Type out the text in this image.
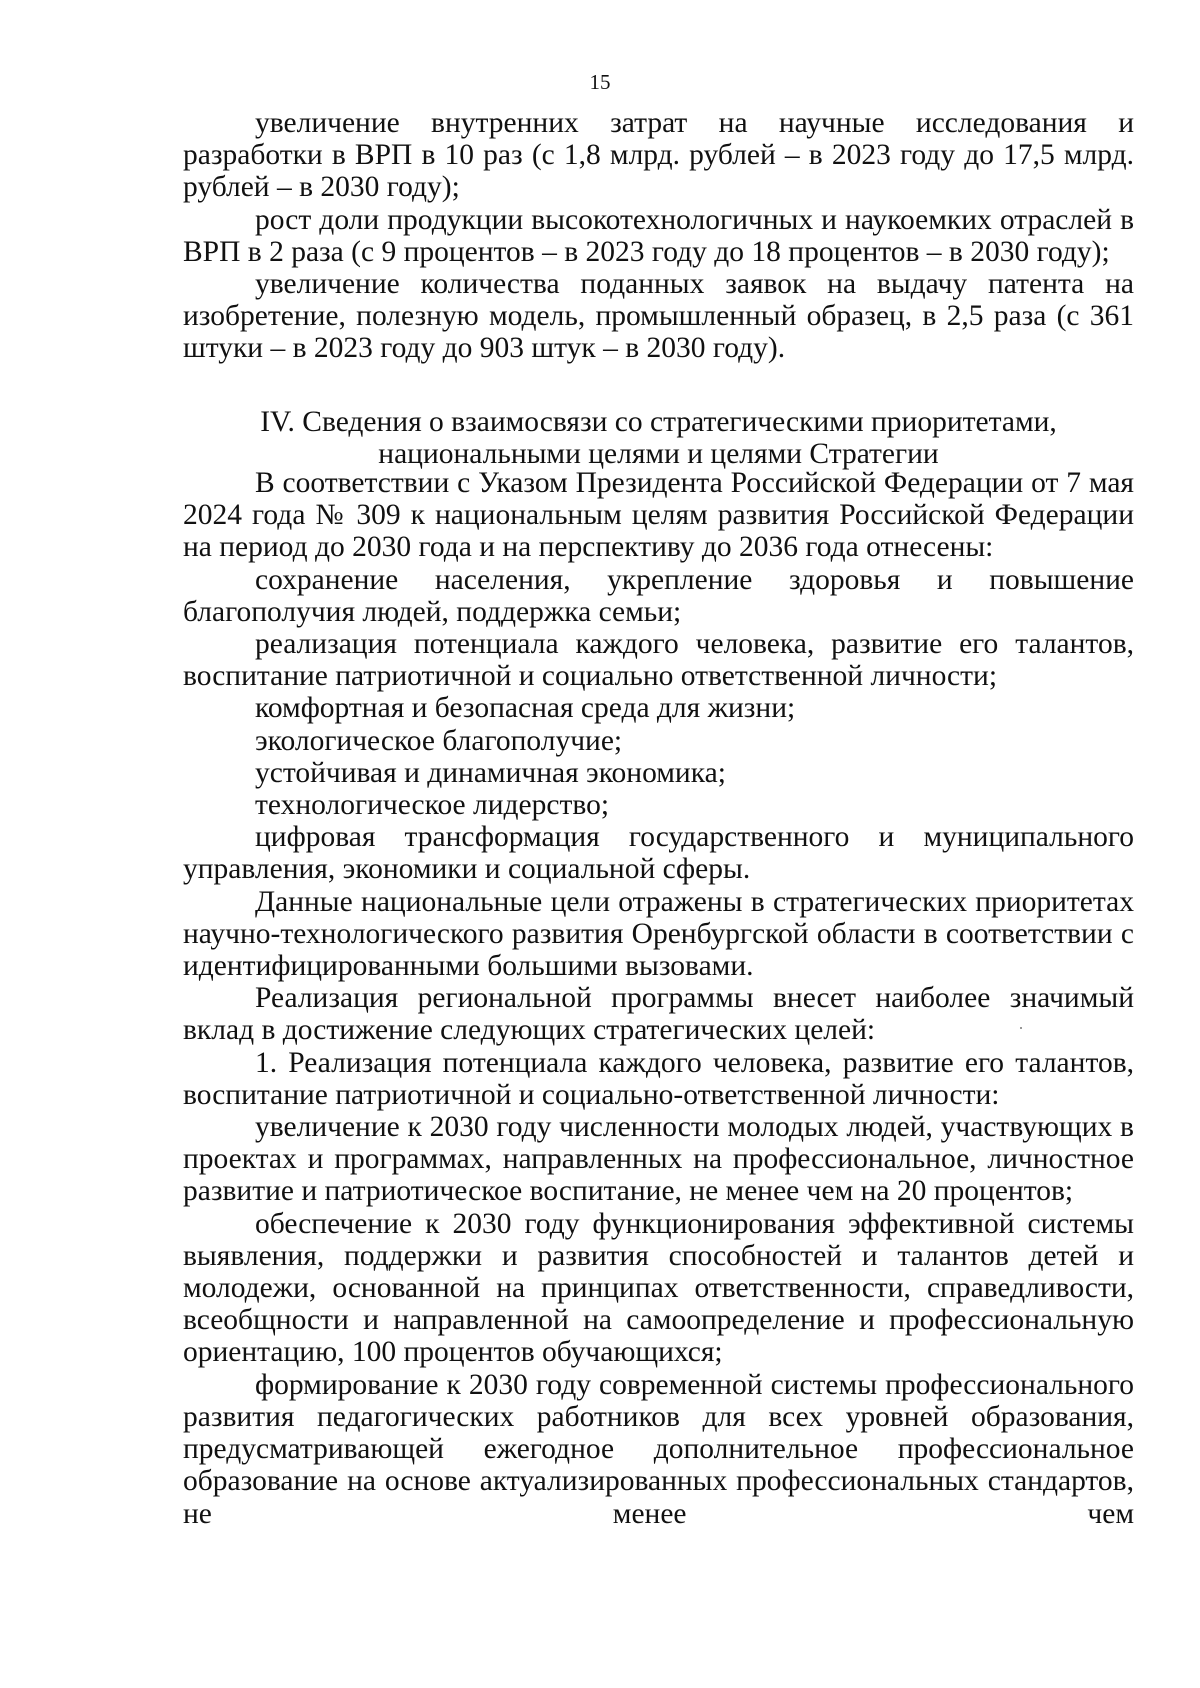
15

увеличение внутренних затрат на научные исследования и разработки в ВРП в 10 раз (с 1,8 млрд. рублей – в 2023 году до 17,5 млрд. рублей – в 2030 году);

рост доли продукции высокотехнологичных и наукоемких отраслей в ВРП в 2 раза (с 9 процентов – в 2023 году до 18 процентов – в 2030 году);

увеличение количества поданных заявок на выдачу патента на изобретение, полезную модель, промышленный образец, в 2,5 раза (с 361 штуки – в 2023 году до 903 штук – в 2030 году).

IV. Сведения о взаимосвязи со стратегическими приоритетами,
национальными целями и целями Стратегии

В соответствии с Указом Президента Российской Федерации от 7 мая 2024 года № 309 к национальным целям развития Российской Федерации на период до 2030 года и на перспективу до 2036 года отнесены:

сохранение населения, укрепление здоровья и повышение благополучия людей, поддержка семьи;

реализация потенциала каждого человека, развитие его талантов, воспитание патриотичной и социально ответственной личности;

комфортная и безопасная среда для жизни;

экологическое благополучие;

устойчивая и динамичная экономика;

технологическое лидерство;

цифровая трансформация государственного и муниципального управления, экономики и социальной сферы.

Данные национальные цели отражены в стратегических приоритетах научно-технологического развития Оренбургской области в соответствии с идентифицированными большими вызовами.

Реализация региональной программы внесет наиболее значимый вклад в достижение следующих стратегических целей:

1. Реализация потенциала каждого человека, развитие его талантов, воспитание патриотичной и социально-ответственной личности:

увеличение к 2030 году численности молодых людей, участвующих в проектах и программах, направленных на профессиональное, личностное развитие и патриотическое воспитание, не менее чем на 20 процентов;

обеспечение к 2030 году функционирования эффективной системы выявления, поддержки и развития способностей и талантов детей и молодежи, основанной на принципах ответственности, справедливости, всеобщности и направленной на самоопределение и профессиональную ориентацию, 100 процентов обучающихся;

формирование к 2030 году современной системы профессионального развития педагогических работников для всех уровней образования, предусматривающей ежегодное дополнительное профессиональное образование на основе актуализированных профессиональных стандартов, не менее чем
